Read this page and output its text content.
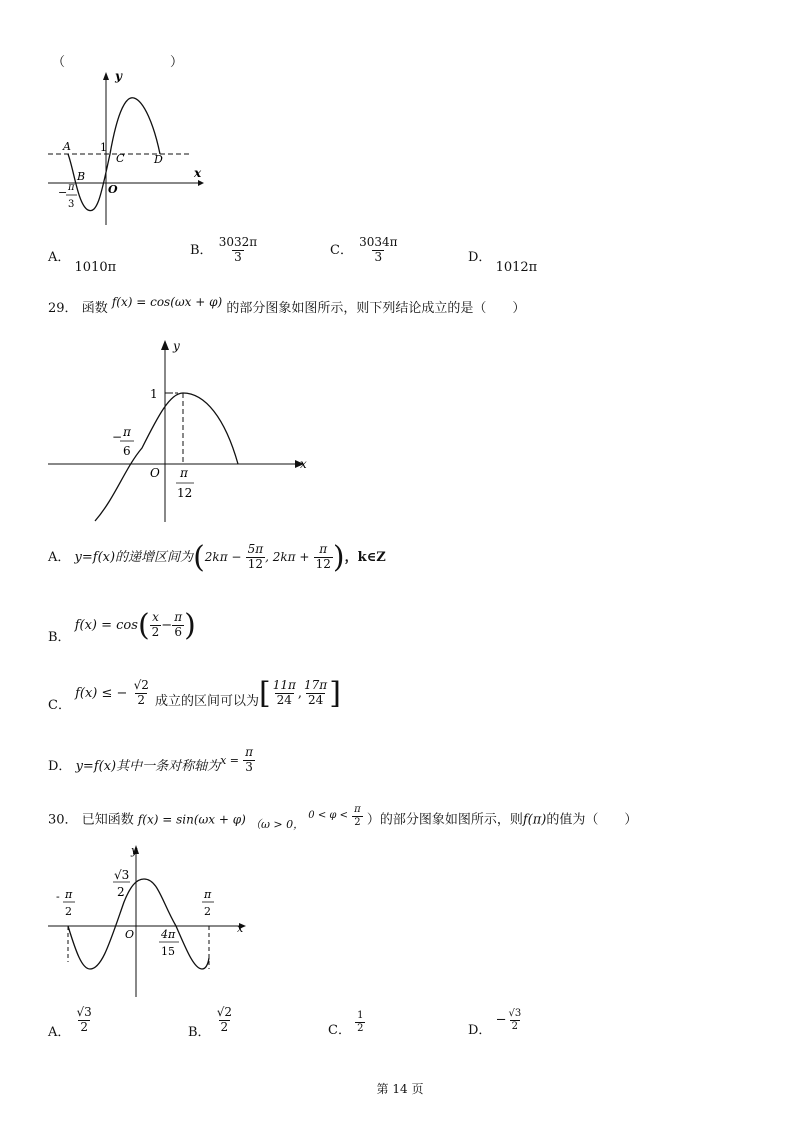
（	）
y
x
A
B
C	D
1
O
− π
3
A． 1010π
B． $\frac{3032\pi}{3}$	C． $\frac{3034\pi}{3}$	D． 1012π
29． 函数 f(x) = cos(ωx + φ) 的部分图象如图所示，则下列结论成立的是（　　）
y
x
1
O
− π
6
π
12
A． y=f(x)的递增区间为($2k\pi - \frac{5\pi}{12}$ , $2k\pi + \frac{\pi}{12}$ )，k∈Z
B． $f(x) = \cos( \frac{x}{2} - \frac{\pi}{6}$ )
C． f(x) ≤ − $\frac{√2}{2}$ 成立的区间可以为[ $\frac{11\pi}{24}$ , $\frac{17\pi}{24}$ ]
D． y=f(x)其中一条对称轴为$^{x =} \frac{\pi}{3}$
30． 已知函数 f(x) = sin(ωx + φ) $_{(\omega > 0,}$ $^{0 < \varphi <} \frac{\pi}{2}$ ）的部分图象如图所示，则f(π)的值为（　　）
y
x
O
√3
2
- π
2
π
2
4π
15
A． $\frac{√3}{2}$	B． $\frac{√2}{2}$	C． $\frac{1}{2}$	D． − $\frac{√3}{2}$
第 14 页
